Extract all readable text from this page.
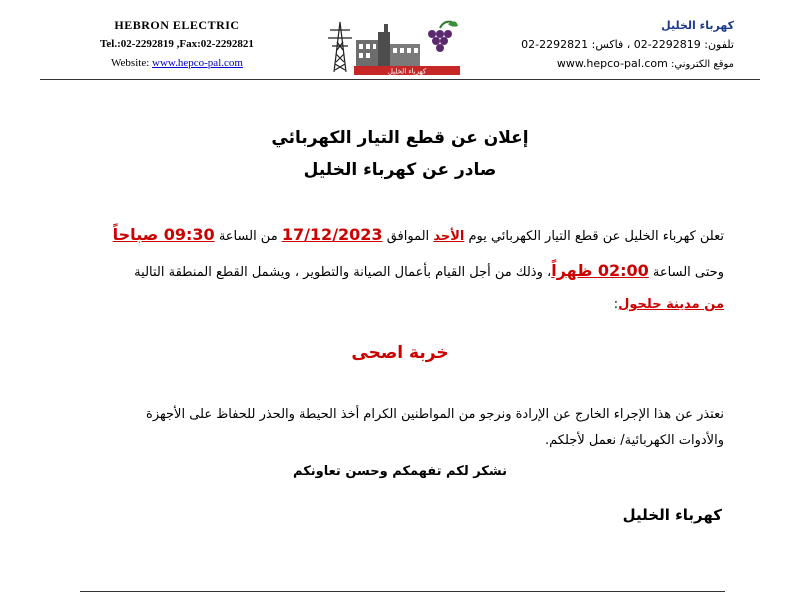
HEBRON ELECTRIC
Tel.:02-2292819 ,Fax:02-2292821
Website: www.hepco-pal.com
كهرباء الخليل
كهرباء الخليل
تلفون: 2292819-02 ، فاكس: 2292821-02
موقع الكتروني: www.hepco-pal.com
إعلان عن قطع التيار الكهربائي
صادر عن كهرباء الخليل
تعلن كهرباء الخليل عن قطع التيار الكهربائي يوم الأحد الموافق 17/12/2023 من الساعة 09:30 صباحاً
وحتى الساعة 02:00 ظهراً، وذلك من أجل القيام بأعمال الصيانة والتطوير ، ويشمل القطع المنطقة التالية
من مدينة حلحول:
خربة اصحى
نعتذر عن هذا الإجراء الخارج عن الإرادة ونرجو من المواطنين الكرام أخذ الحيطة والحذر للحفاظ على الأجهزة
والأدوات الكهربائية/ نعمل لأجلكم.
نشكر لكم تفهمكم وحسن تعاونكم
كهرباء الخليل
